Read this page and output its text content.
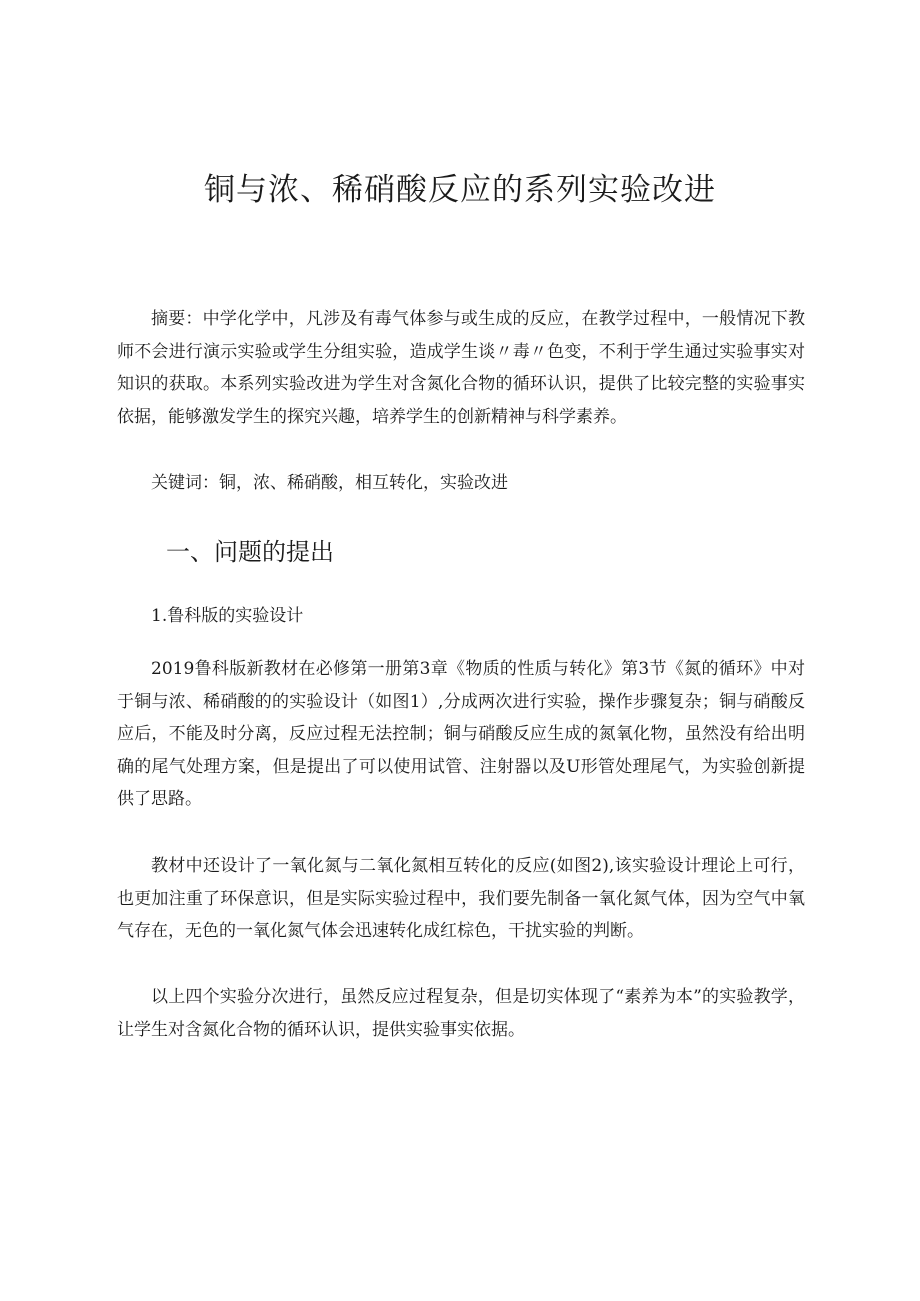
铜与浓、稀硝酸反应的系列实验改进

摘要：中学化学中，凡涉及有毒气体参与或生成的反应，在教学过程中，一般情况下教师不会进行演示实验或学生分组实验，造成学生谈〃毒〃色变，不利于学生通过实验事实对知识的获取。本系列实验改进为学生对含氮化合物的循环认识，提供了比较完整的实验事实依据，能够激发学生的探究兴趣，培养学生的创新精神与科学素养。

关键词：铜，浓、稀硝酸，相互转化，实验改进

一、问题的提出

1.鲁科版的实验设计

2019鲁科版新教材在必修第一册第3章《物质的性质与转化》第3节《氮的循环》中对于铜与浓、稀硝酸的的实验设计（如图1）,分成两次进行实验，操作步骤复杂；铜与硝酸反应后，不能及时分离，反应过程无法控制；铜与硝酸反应生成的氮氧化物，虽然没有给出明确的尾气处理方案，但是提出了可以使用试管、注射器以及U形管处理尾气，为实验创新提供了思路。

教材中还设计了一氧化氮与二氧化氮相互转化的反应(如图2),该实验设计理论上可行，也更加注重了环保意识，但是实际实验过程中，我们要先制备一氧化氮气体，因为空气中氧气存在，无色的一氧化氮气体会迅速转化成红棕色，干扰实验的判断。

以上四个实验分次进行，虽然反应过程复杂，但是切实体现了“素养为本”的实验教学，让学生对含氮化合物的循环认识，提供实验事实依据。
